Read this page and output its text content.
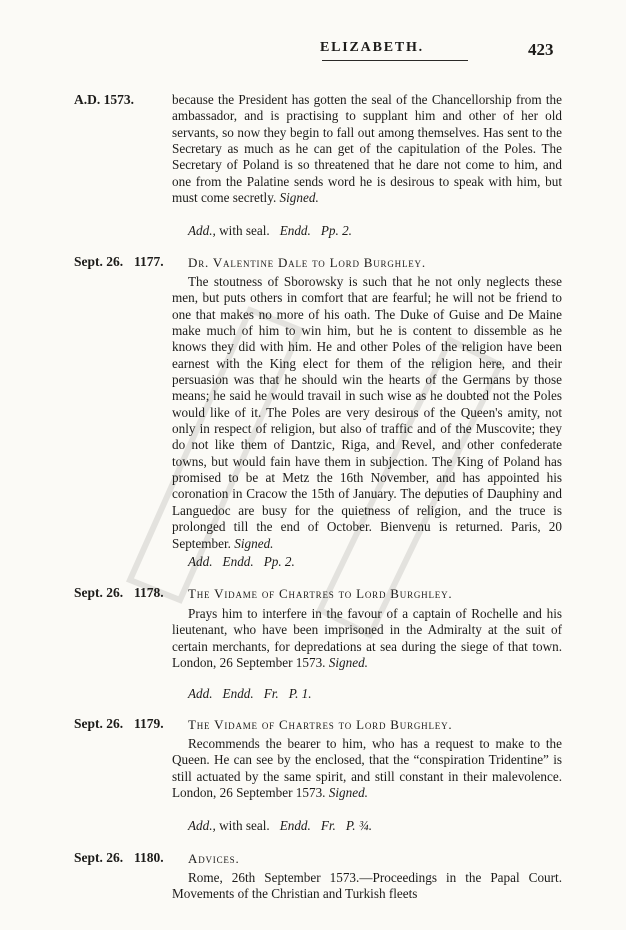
ELIZABETH.	423
A.D. 1573.	because the President has gotten the seal of the Chancellorship from the ambassador, and is practising to supplant him and other of her old servants, so now they begin to fall out among themselves. Has sent to the Secretary as much as he can get of the capitulation of the Poles. The Secretary of Poland is so threatened that he dare not come to him, and one from the Palatine sends word he is desirous to speak with him, but must come secretly. Signed.

Add., with seal. Endd. Pp. 2.
Sept. 26. 1177. Dr. Valentine Dale to Lord Burghley.

The stoutness of Sborowsky is such that he not only neglects these men, but puts others in comfort that are fearful; he will not be friend to one that makes no more of his oath. The Duke of Guise and De Maine make much of him to win him, but he is content to dissemble as he knows they did with him. He and other Poles of the religion have been earnest with the King elect for them of the religion here, and their persuasion was that he should win the hearts of the Germans by those means; he said he would travail in such wise as he doubted not the Poles would like of it. The Poles are very desirous of the Queen's amity, not only in respect of religion, but also of traffic and of the Muscovite; they do not like them of Dantzic, Riga, and Revel, and other confederate towns, but would fain have them in subjection. The King of Poland has promised to be at Metz the 16th November, and has appointed his coronation in Cracow the 15th of January. The deputies of Dauphiny and Languedoc are busy for the quietness of religion, and the truce is prolonged till the end of October. Bienvenu is returned. Paris, 20 September. Signed.

Add. Endd. Pp. 2.
Sept. 26. 1178. The Vidame of Chartres to Lord Burghley.

Prays him to interfere in the favour of a captain of Rochelle and his lieutenant, who have been imprisoned in the Admiralty at the suit of certain merchants, for depredations at sea during the siege of that town. London, 26 September 1573. Signed.

Add. Endd. Fr. P. 1.
Sept. 26. 1179. The Vidame of Chartres to Lord Burghley.

Recommends the bearer to him, who has a request to make to the Queen. He can see by the enclosed, that the “conspiration Tridentine” is still actuated by the same spirit, and still constant in their malevolence. London, 26 September 1573. Signed.

Add., with seal. Endd. Fr. P. ¾.
Sept. 26. 1180. Advices.

Rome, 26th September 1573.—Proceedings in the Papal Court. Movements of the Christian and Turkish fleets
